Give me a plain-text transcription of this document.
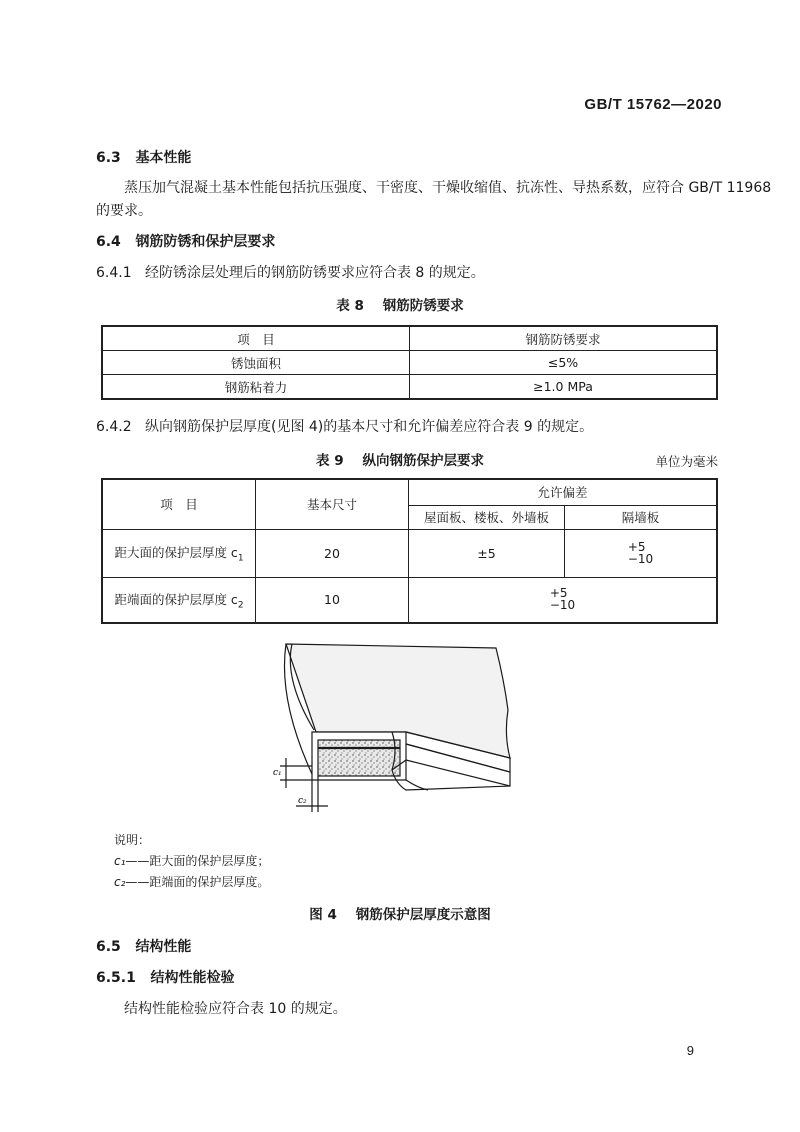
GB/T 15762—2020
6.3 基本性能
蒸压加气混凝土基本性能包括抗压强度、干密度、干燥收缩值、抗冻性、导热系数，应符合 GB/T 11968
的要求。
6.4 钢筋防锈和保护层要求
6.4.1 经防锈涂层处理后的钢筋防锈要求应符合表 8 的规定。
表 8 钢筋防锈要求
项　目	钢筋防锈要求
锈蚀面积	≤5%
钢筋粘着力	≥1.0 MPa
6.4.2 纵向钢筋保护层厚度(见图 4)的基本尺寸和允许偏差应符合表 9 的规定。
表 9 纵向钢筋保护层要求	单位为毫米
项　目	基本尺寸	允许偏差	
		屋面板、楼板、外墙板	隔墙板
距大面的保护层厚度 $c_1$	20	±5	+5
−10
距端面的保护层厚度 $c_2$	10	+5
−10	
c₁
c₂
说明：
c₁——距大面的保护层厚度；
c₂——距端面的保护层厚度。
图 4 钢筋保护层厚度示意图
6.5 结构性能
6.5.1 结构性能检验
结构性能检验应符合表 10 的规定。
9
